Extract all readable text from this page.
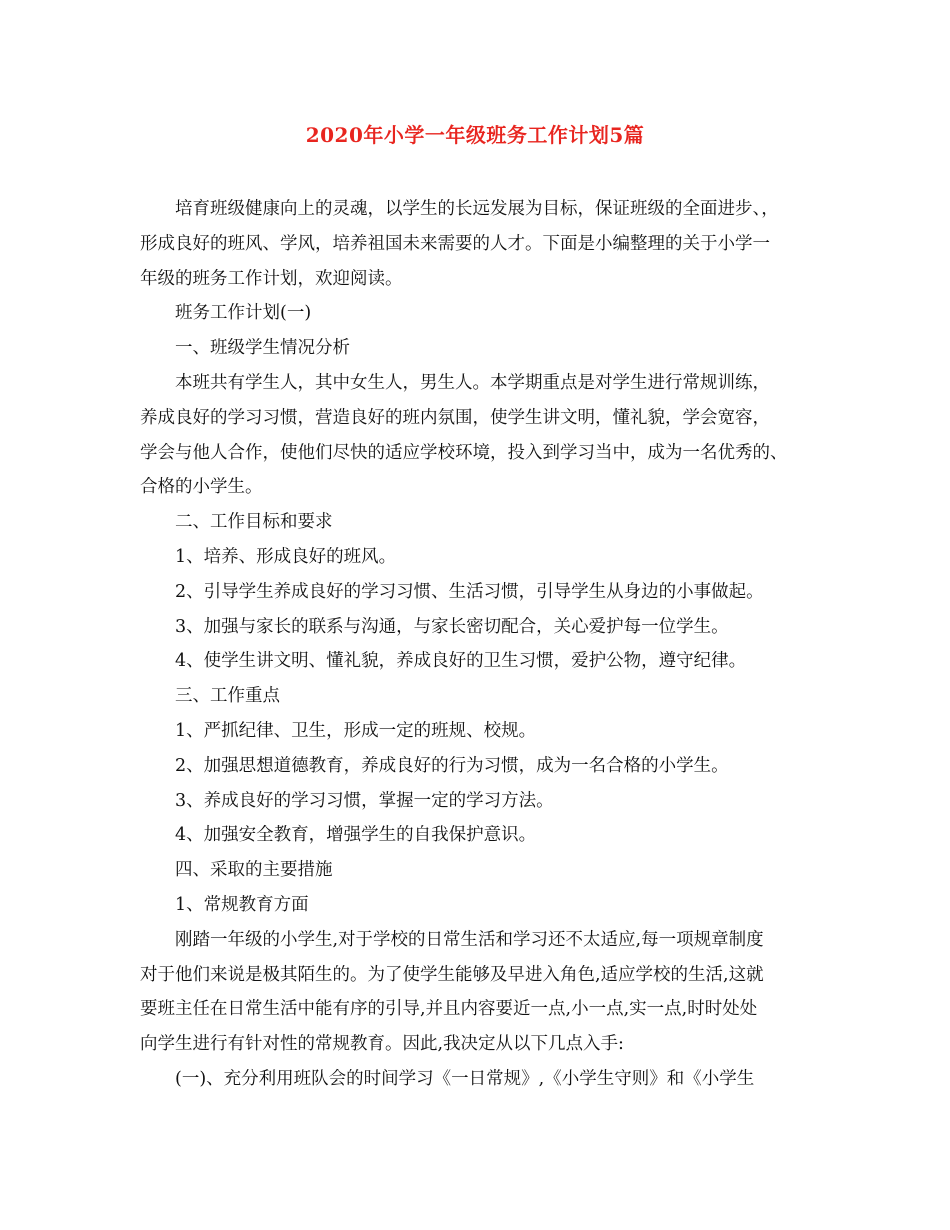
2020年小学一年级班务工作计划5篇
培育班级健康向上的灵魂，以学生的长远发展为目标，保证班级的全面进步、，
形成良好的班风、学风，培养祖国未来需要的人才。下面是小编整理的关于小学一
年级的班务工作计划，欢迎阅读。
班务工作计划(一)
一、班级学生情况分析
本班共有学生人，其中女生人，男生人。本学期重点是对学生进行常规训练，
养成良好的学习习惯，营造良好的班内氛围，使学生讲文明，懂礼貌，学会宽容，
学会与他人合作，使他们尽快的适应学校环境，投入到学习当中，成为一名优秀的、
合格的小学生。
二、工作目标和要求
1、培养、形成良好的班风。
2、引导学生养成良好的学习习惯、生活习惯，引导学生从身边的小事做起。
3、加强与家长的联系与沟通，与家长密切配合，关心爱护每一位学生。
4、使学生讲文明、懂礼貌，养成良好的卫生习惯，爱护公物，遵守纪律。
三、工作重点
1、严抓纪律、卫生，形成一定的班规、校规。
2、加强思想道德教育，养成良好的行为习惯，成为一名合格的小学生。
3、养成良好的学习习惯，掌握一定的学习方法。
4、加强安全教育，增强学生的自我保护意识。
四、采取的主要措施
1、常规教育方面
刚踏一年级的小学生,对于学校的日常生活和学习还不太适应,每一项规章制度
对于他们来说是极其陌生的。为了使学生能够及早进入角色,适应学校的生活,这就
要班主任在日常生活中能有序的引导,并且内容要近一点,小一点,实一点,时时处处
向学生进行有针对性的常规教育。因此,我决定从以下几点入手:
(一)、充分利用班队会的时间学习《一日常规》,《小学生守则》和《小学生
